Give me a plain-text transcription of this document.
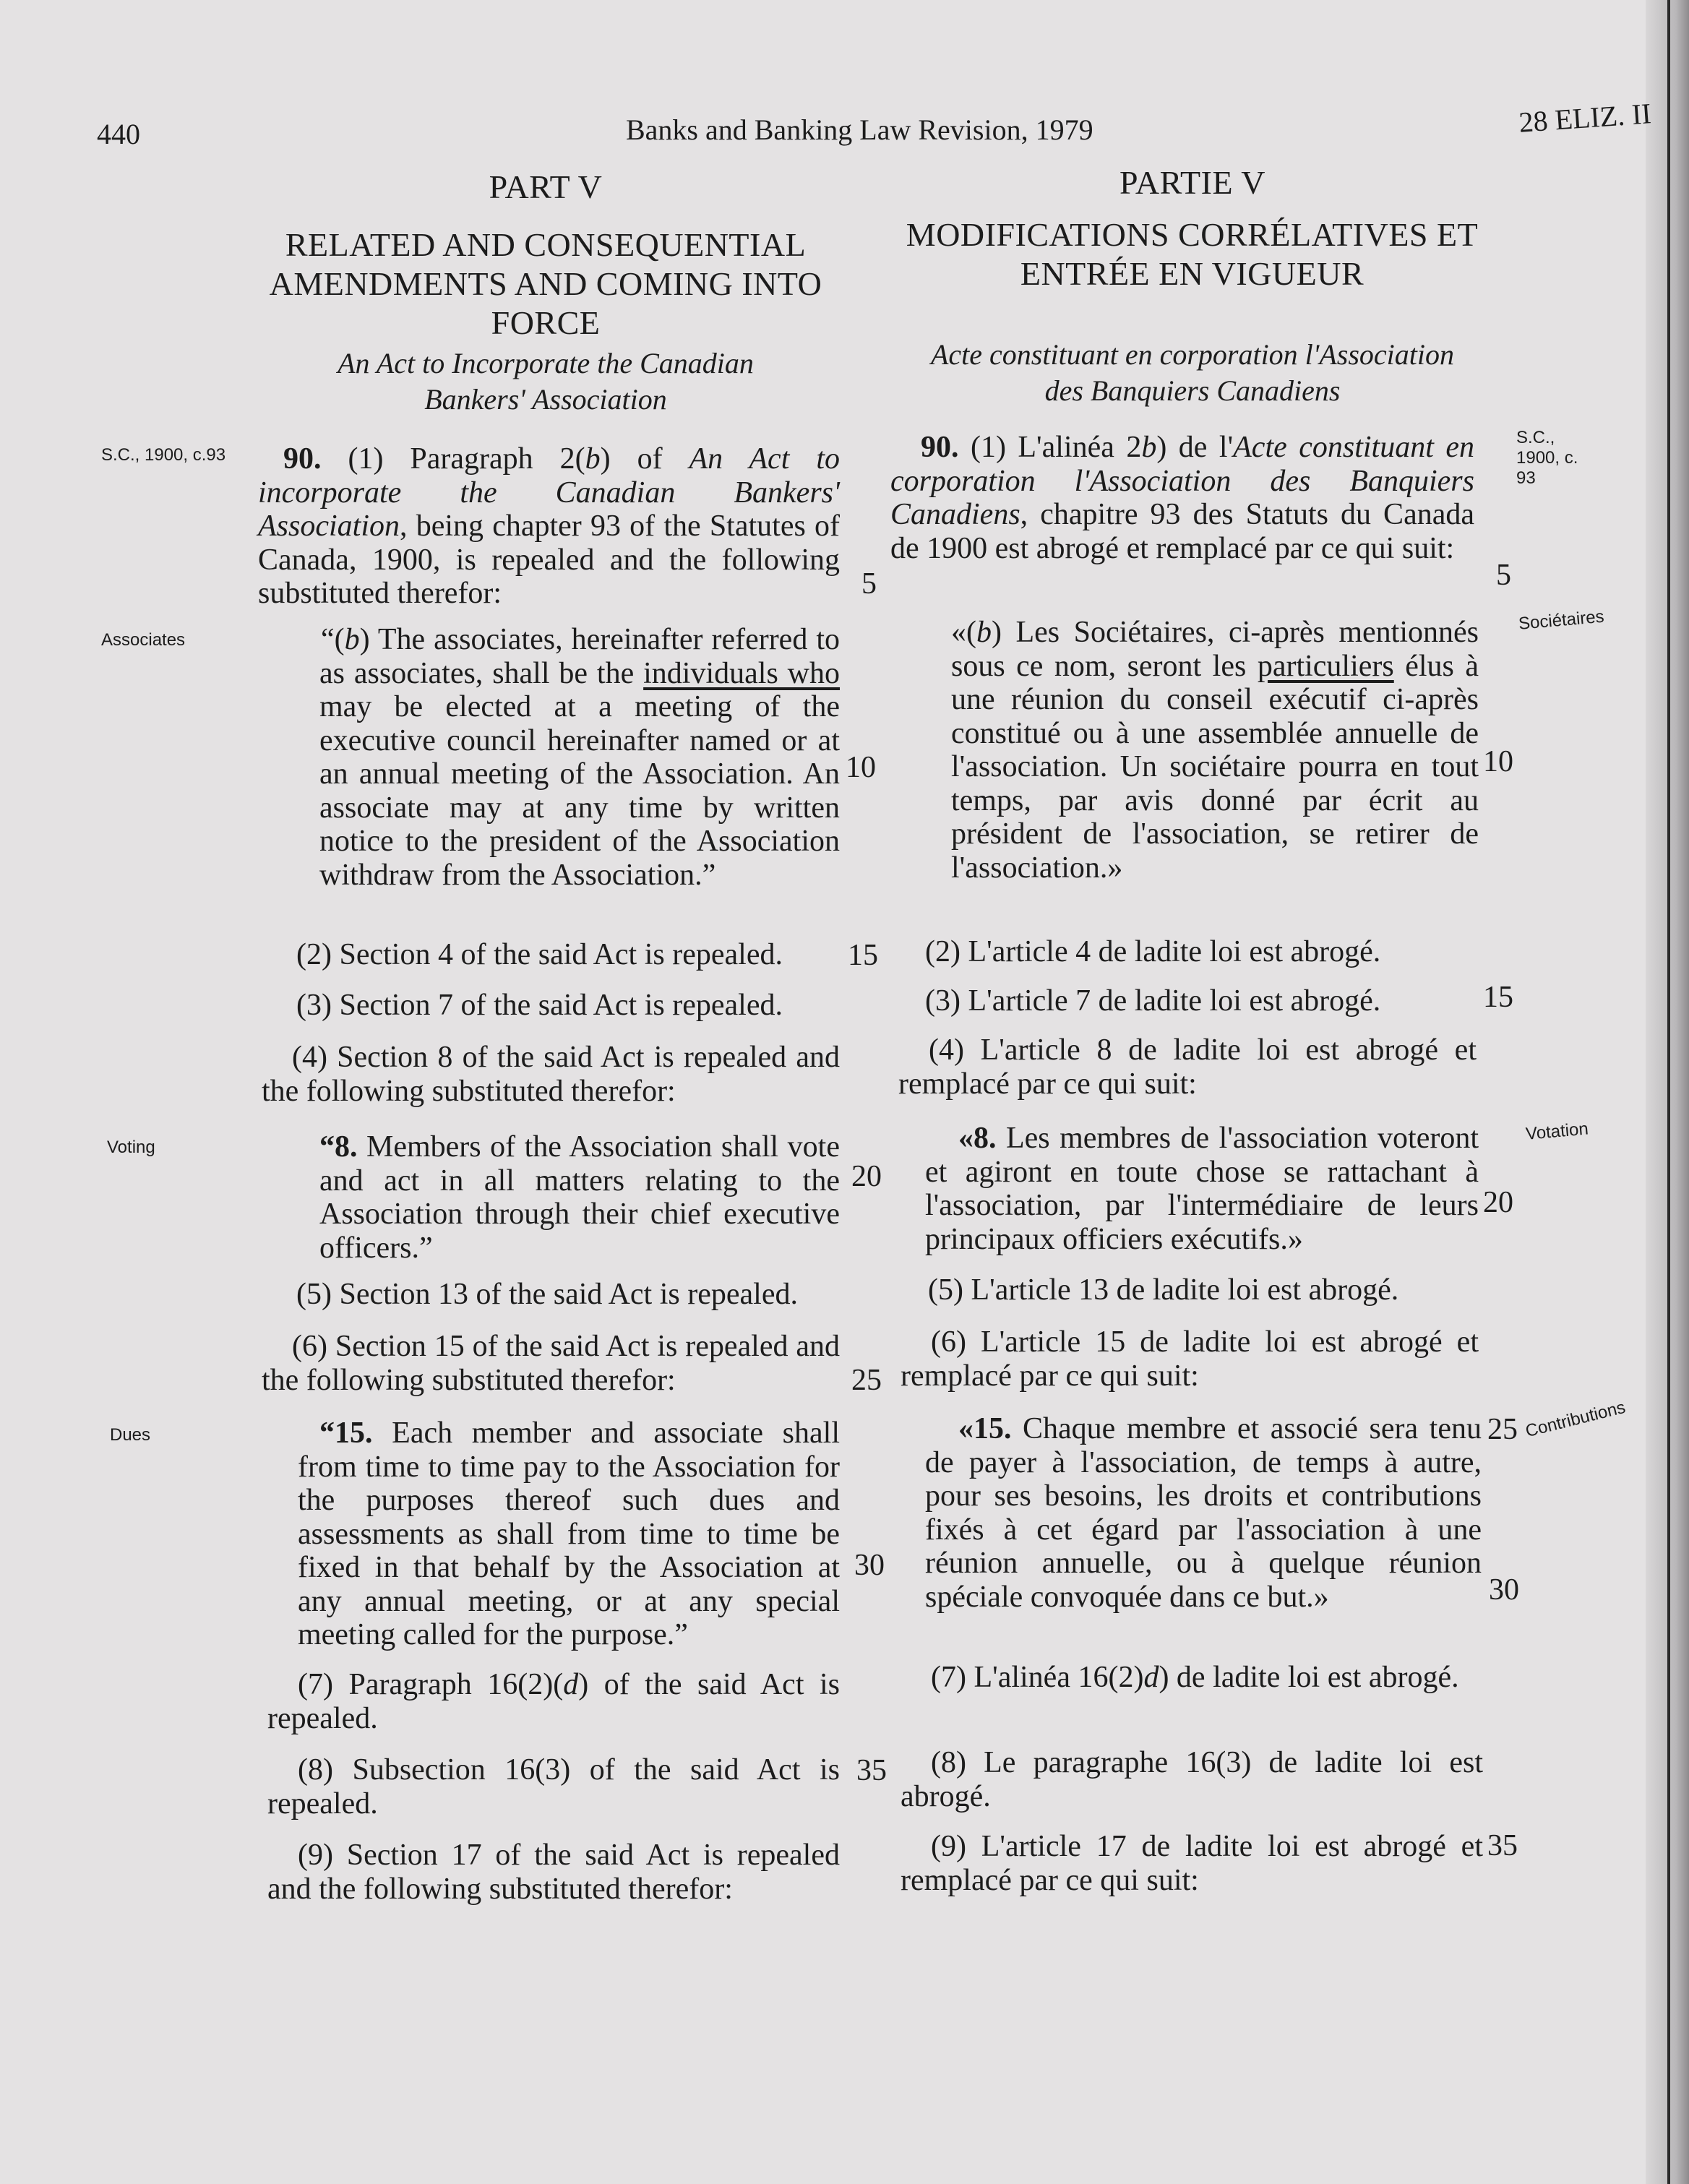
440	Banks and Banking Law Revision, 1979	28 ELIZ. II
PART V
RELATED AND CONSEQUENTIAL AMENDMENTS AND COMING INTO FORCE
An Act to Incorporate the Canadian Bankers' Association

90. (1) Paragraph 2(b) of An Act to incorporate the Canadian Bankers' Association, being chapter 93 of the Statutes of Canada, 1900, is repealed and the following substituted therefor:

“(b) The associates, hereinafter referred to as associates, shall be the individuals who may be elected at a meeting of the executive council hereinafter named or at an annual meeting of the Association. An associate may at any time by written notice to the president of the Association withdraw from the Association.”

(2) Section 4 of the said Act is repealed.

(3) Section 7 of the said Act is repealed.

(4) Section 8 of the said Act is repealed and the following substituted therefor:

“8. Members of the Association shall vote and act in all matters relating to the Association through their chief executive officers.”

(5) Section 13 of the said Act is repealed.

(6) Section 15 of the said Act is repealed and the following substituted therefor:

“15. Each member and associate shall from time to time pay to the Association for the purposes thereof such dues and assessments as shall from time to time be fixed in that behalf by the Association at any annual meeting, or at any special meeting called for the purpose.”

(7) Paragraph 16(2)(d) of the said Act is repealed.

(8) Subsection 16(3) of the said Act is repealed.

(9) Section 17 of the said Act is repealed and the following substituted therefor:

5
10
15
20
25
30
35
S.C., 1900, c.93
Associates
Voting
Dues
PARTIE V
MODIFICATIONS CORRÉLATIVES ET ENTRÉE EN VIGUEUR
Acte constituant en corporation l'Association des Banquiers Canadiens

90. (1) L'alinéa 2b) de l'Acte constituant en corporation l'Association des Banquiers Canadiens, chapitre 93 des Statuts du Canada de 1900 est abrogé et remplacé par ce qui suit:

«(b) Les Sociétaires, ci-après mentionnés sous ce nom, seront les particuliers élus à une réunion du conseil exécutif ci-après constitué ou à une assemblée annuelle de l'association. Un sociétaire pourra en tout temps, par avis donné par écrit au président de l'association, se retirer de l'association.»

(2) L'article 4 de ladite loi est abrogé.

(3) L'article 7 de ladite loi est abrogé.

(4) L'article 8 de ladite loi est abrogé et remplacé par ce qui suit:

«8. Les membres de l'association voteront et agiront en toute chose se rattachant à l'association, par l'intermédiaire de leurs principaux officiers exécutifs.»

(5) L'article 13 de ladite loi est abrogé.

(6) L'article 15 de ladite loi est abrogé et remplacé par ce qui suit:

«15. Chaque membre et associé sera tenu de payer à l'association, de temps à autre, pour ses besoins, les droits et contributions fixés à cet égard par l'association à une réunion annuelle, ou à quelque réunion spéciale convoquée dans ce but.»

(7) L'alinéa 16(2)d) de ladite loi est abrogé.

(8) Le paragraphe 16(3) de ladite loi est abrogé.

(9) L'article 17 de ladite loi est abrogé et remplacé par ce qui suit:

5
10
15
20
25
30
35
S.C., 1900, c. 93
Sociétaires
Votation
Contributions
